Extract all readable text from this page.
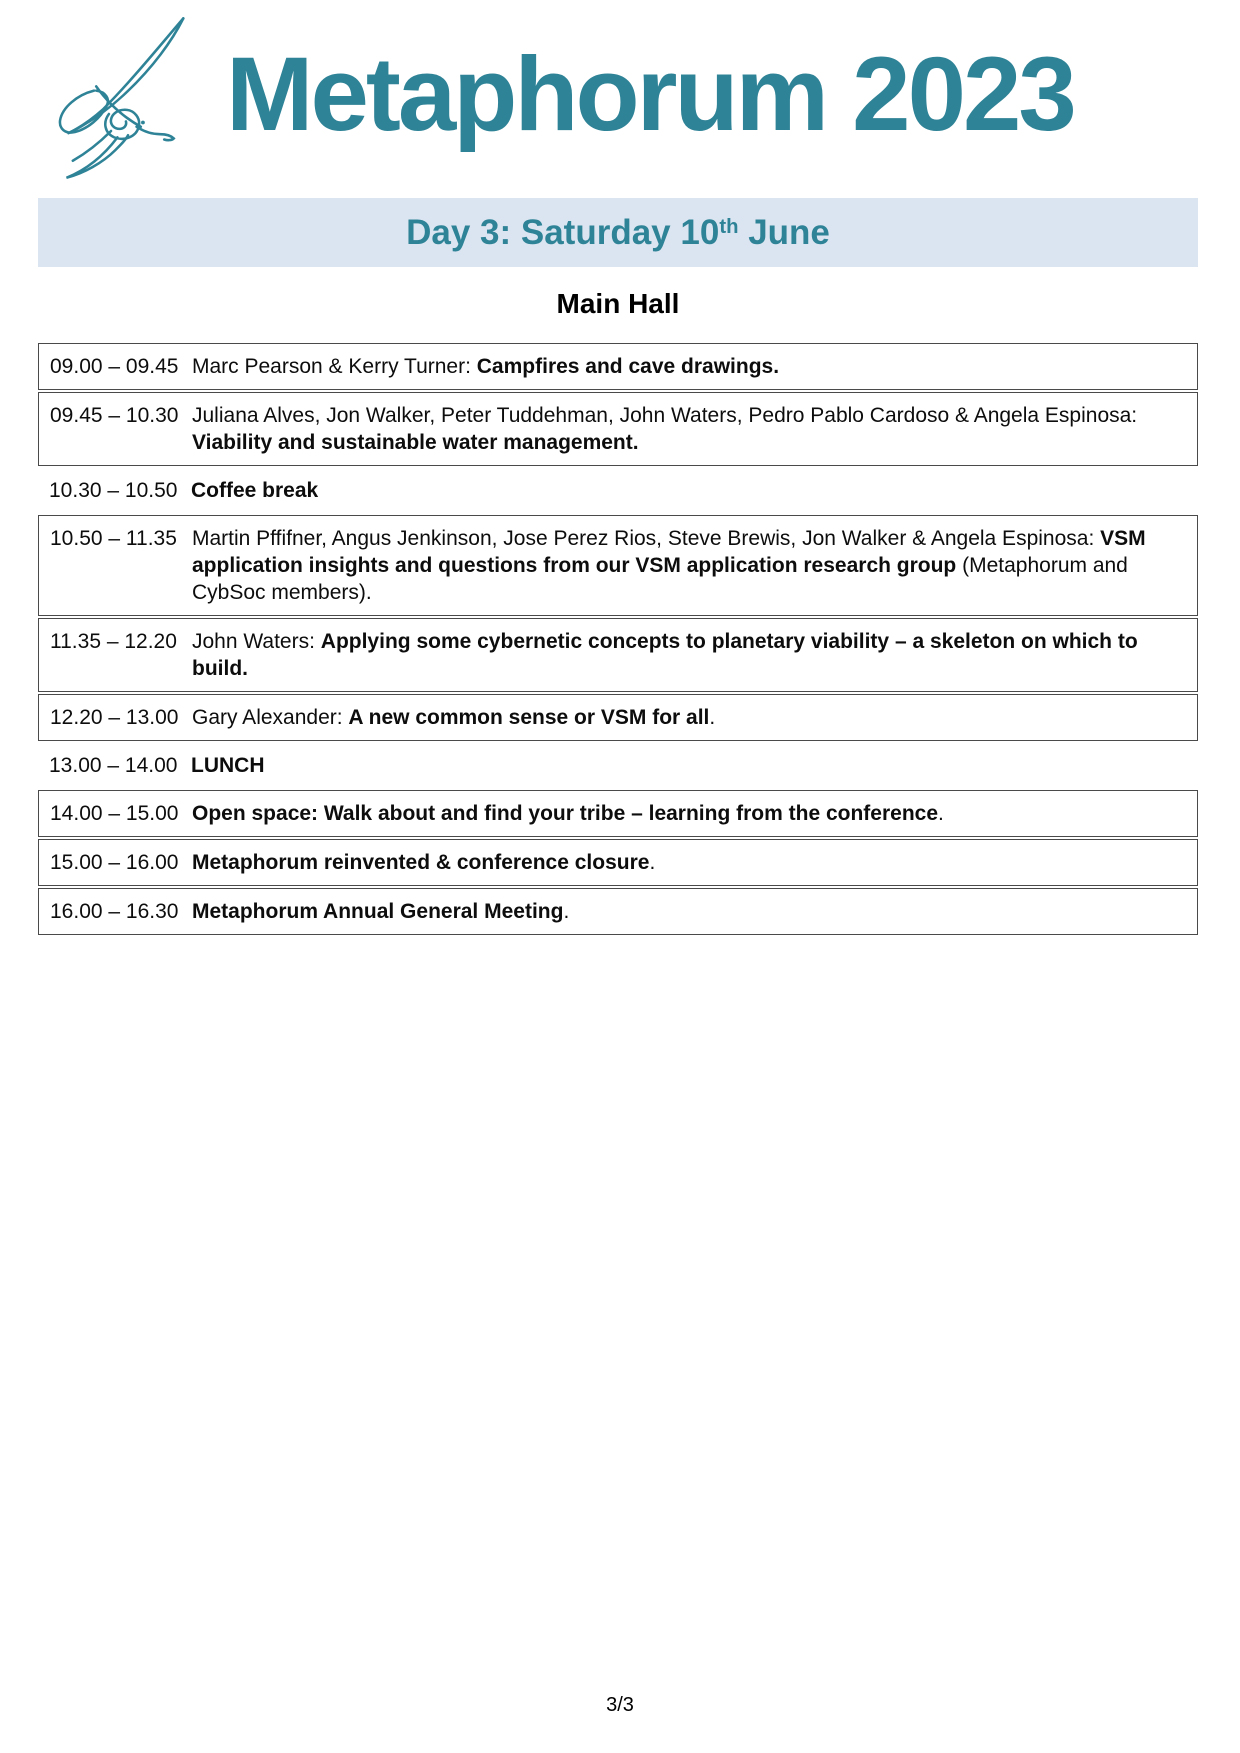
Metaphorum 2023
Day 3: Saturday 10th June
Main Hall
09.00 – 09.45 Marc Pearson & Kerry Turner: Campfires and cave drawings.
09.45 – 10.30 Juliana Alves, Jon Walker, Peter Tuddehman, John Waters, Pedro Pablo Cardoso & Angela Espinosa: Viability and sustainable water management.
10.30 – 10.50 Coffee break
10.50 – 11.35 Martin Pffifner, Angus Jenkinson, Jose Perez Rios, Steve Brewis, Jon Walker & Angela Espinosa: VSM application insights and questions from our VSM application research group (Metaphorum and CybSoc members).
11.35 – 12.20 John Waters: Applying some cybernetic concepts to planetary viability – a skeleton on which to build.
12.20 – 13.00 Gary Alexander: A new common sense or VSM for all.
13.00 – 14.00 LUNCH
14.00 – 15.00 Open space: Walk about and find your tribe – learning from the conference.
15.00 – 16.00 Metaphorum reinvented & conference closure.
16.00 – 16.30 Metaphorum Annual General Meeting.
3/3
